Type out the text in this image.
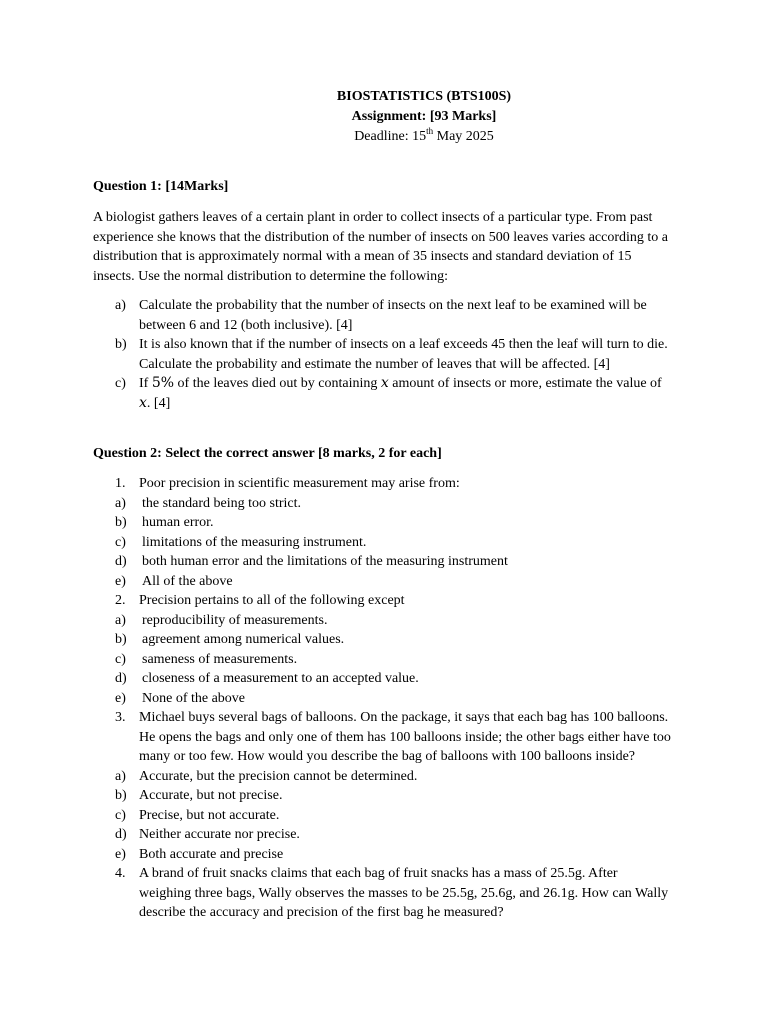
BIOSTATISTICS (BTS100S)
Assignment: [93 Marks]
Deadline: 15th May 2025
Question 1: [14Marks]
A biologist gathers leaves of a certain plant in order to collect insects of a particular type. From past experience she knows that the distribution of the number of insects on 500 leaves varies according to a distribution that is approximately normal with a mean of 35 insects and standard deviation of 15 insects. Use the normal distribution to determine the following:
a) Calculate the probability that the number of insects on the next leaf to be examined will be between 6 and 12 (both inclusive). [4]
b) It is also known that if the number of insects on a leaf exceeds 45 then the leaf will turn to die. Calculate the probability and estimate the number of leaves that will be affected. [4]
c) If 5% of the leaves died out by containing x amount of insects or more, estimate the value of x. [4]
Question 2: Select the correct answer [8 marks, 2 for each]
1. Poor precision in scientific measurement may arise from:
a) the standard being too strict.
b) human error.
c) limitations of the measuring instrument.
d) both human error and the limitations of the measuring instrument
e) All of the above
2. Precision pertains to all of the following except
a) reproducibility of measurements.
b) agreement among numerical values.
c) sameness of measurements.
d) closeness of a measurement to an accepted value.
e) None of the above
3. Michael buys several bags of balloons. On the package, it says that each bag has 100 balloons. He opens the bags and only one of them has 100 balloons inside; the other bags either have too many or too few. How would you describe the bag of balloons with 100 balloons inside?
a) Accurate, but the precision cannot be determined.
b) Accurate, but not precise.
c) Precise, but not accurate.
d) Neither accurate nor precise.
e) Both accurate and precise
4. A brand of fruit snacks claims that each bag of fruit snacks has a mass of 25.5g. After weighing three bags, Wally observes the masses to be 25.5g, 25.6g, and 26.1g. How can Wally describe the accuracy and precision of the first bag he measured?
